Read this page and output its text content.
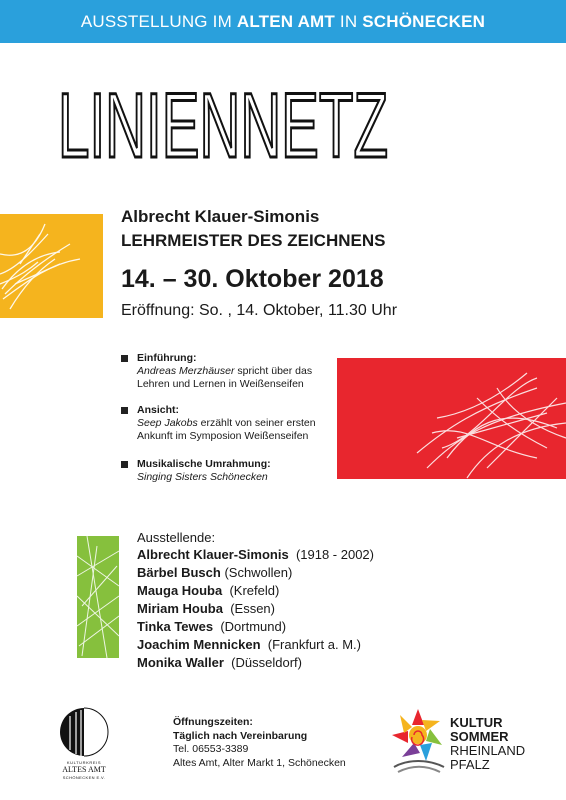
AUSSTELLUNG IM ALTEN AMT IN SCHÖNECKEN
LINIENNETZ
Albrecht Klauer-Simonis
LEHRMEISTER DES ZEICHNENS
14. – 30. Oktober 2018
Eröffnung: So. , 14. Oktober, 11.30 Uhr
Einführung:
Andreas Merzhäuser spricht über das Lehren und Lernen in Weißenseifen
Ansicht:
Seep Jakobs erzählt von seiner ersten Ankunft im Symposion Weißenseifen
Musikalische Umrahmung:
Singing Sisters Schönecken
Ausstellende:
Albrecht Klauer-Simonis (1918 - 2002)
Bärbel Busch (Schwollen)
Mauga Houba (Krefeld)
Miriam Houba (Essen)
Tinka Tewes (Dortmund)
Joachim Mennicken (Frankfurt a. M.)
Monika Waller (Düsseldorf)
KULTURKREIS
ALTES AMT
SCHÖNECKEN E.V.
Öffnungszeiten:
Täglich nach Vereinbarung
Tel. 06553-3389
Altes Amt, Alter Markt 1, Schönecken
KULTUR
SOMMER
RHEINLAND
PFALZ
